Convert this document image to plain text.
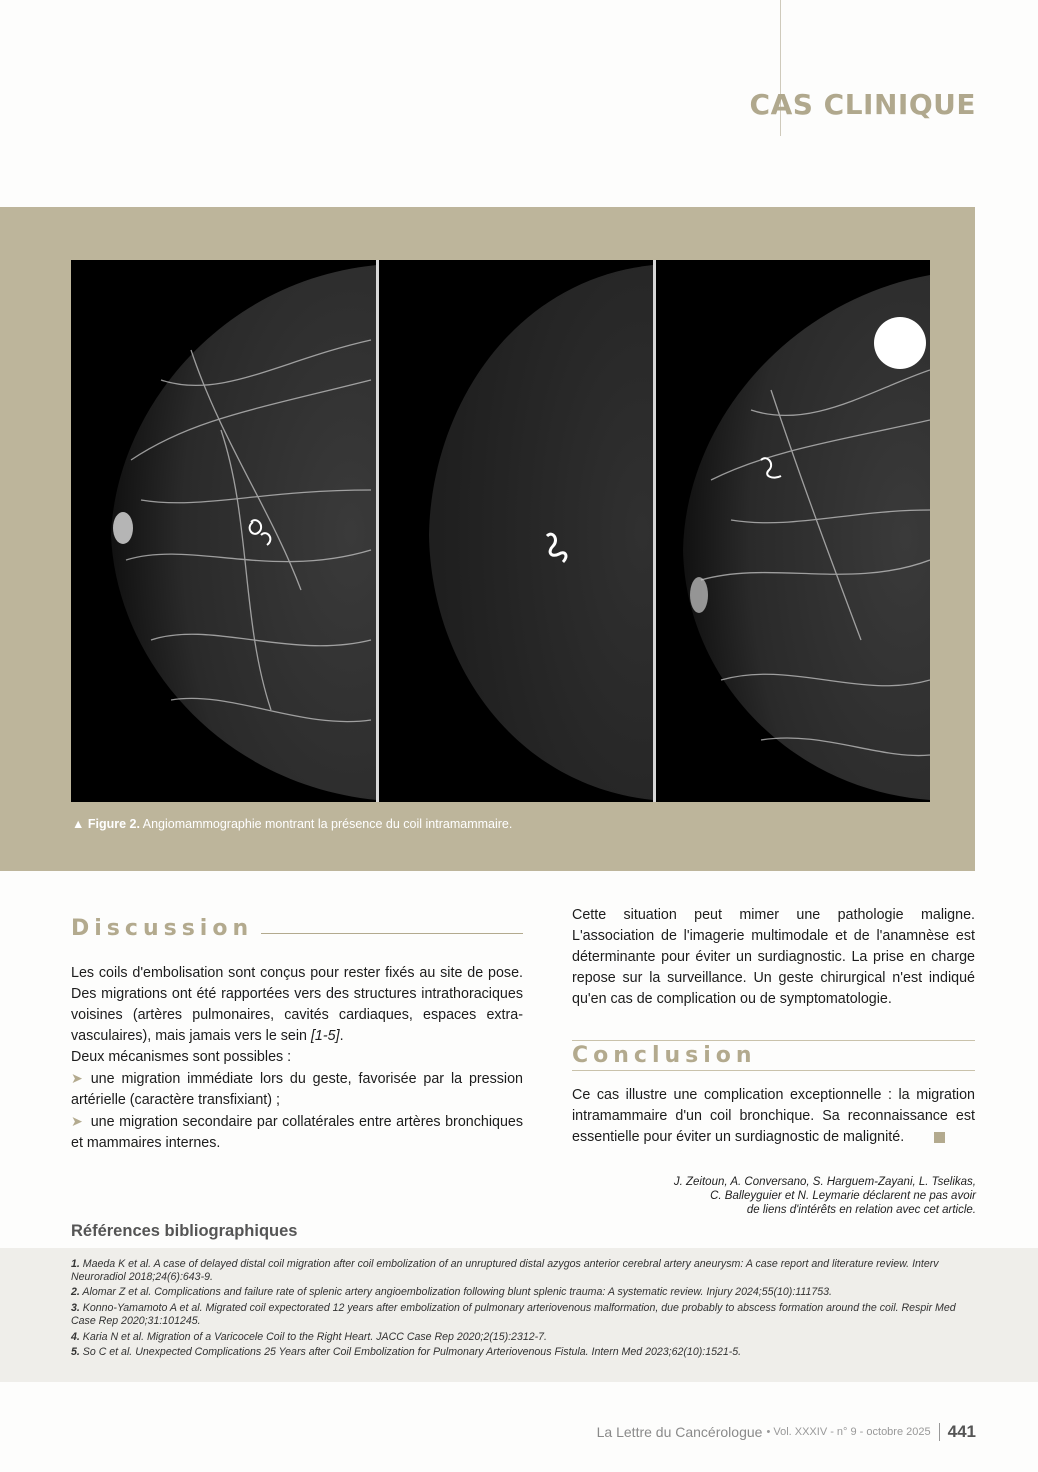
CAS CLINIQUE
▲ Figure 2. Angiomammographie montrant la présence du coil intramammaire.
Discussion

Les coils d'embolisation sont conçus pour rester fixés au site de pose. Des migrations ont été rapportées vers des structures intrathoraciques voisines (artères pulmonaires, cavités cardiaques, espaces extra-vasculaires), mais jamais vers le sein [1-5].

Deux mécanismes sont possibles :

➤ une migration immédiate lors du geste, favorisée par la pression artérielle (caractère transfixiant) ;

➤ une migration secondaire par collatérales entre artères bronchiques et mammaires internes.

Cette situation peut mimer une pathologie maligne. L'association de l'imagerie multimodale et de l'anamnèse est déterminante pour éviter un surdiagnostic. La prise en charge repose sur la surveillance. Un geste chirurgical n'est indiqué qu'en cas de complication ou de symptomatologie.

Conclusion

Ce cas illustre une complication exceptionnelle : la migration intramammaire d'un coil bronchique. Sa reconnaissance est essentielle pour éviter un surdiagnostic de malignité.

J. Zeitoun, A. Conversano, S. Harguem-Zayani, L. Tselikas,
C. Balleyguier et N. Leymarie déclarent ne pas avoir
de liens d'intérêts en relation avec cet article.
Références bibliographiques

1. Maeda K et al. A case of delayed distal coil migration after coil embolization of an unruptured distal azygos anterior cerebral artery aneurysm: A case report and literature review. Interv Neuroradiol 2018;24(6):643-9.

2. Alomar Z et al. Complications and failure rate of splenic artery angioembolization following blunt splenic trauma: A systematic review. Injury 2024;55(10):111753.

3. Konno-Yamamoto A et al. Migrated coil expectorated 12 years after embolization of pulmonary arteriovenous malformation, due probably to abscess formation around the coil. Respir Med Case Rep 2020;31:101245.

4. Karia N et al. Migration of a Varicocele Coil to the Right Heart. JACC Case Rep 2020;2(15):2312-7.

5. So C et al. Unexpected Complications 25 Years after Coil Embolization for Pulmonary Arteriovenous Fistula. Intern Med 2023;62(10):1521-5.

La Lettre du Cancérologue • Vol. XXXIV - n° 9 - octobre 2025 441
